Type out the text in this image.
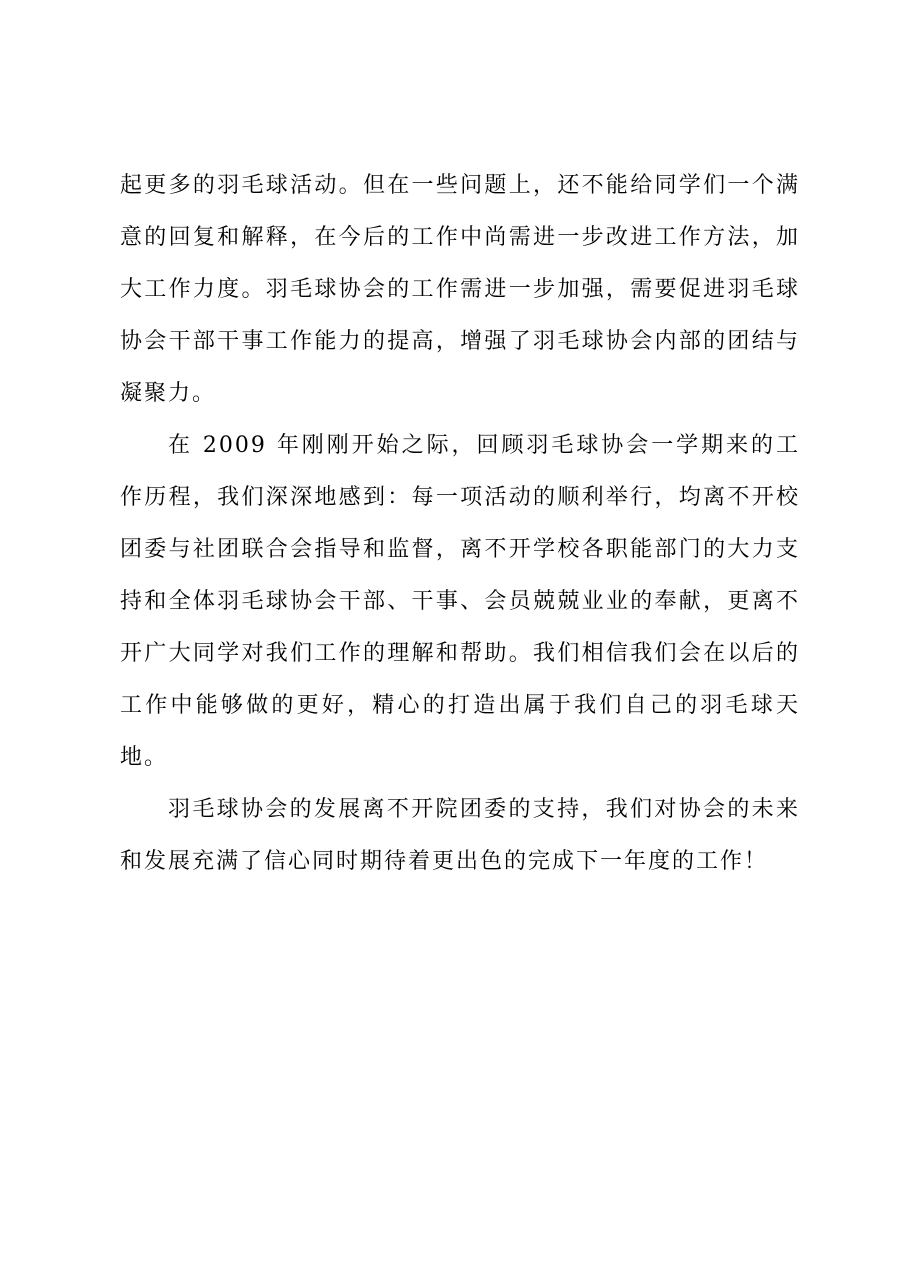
起更多的羽毛球活动。但在一些问题上，还不能给同学们一个满意的回复和解释，在今后的工作中尚需进一步改进工作方法，加大工作力度。羽毛球协会的工作需进一步加强，需要促进羽毛球协会干部干事工作能力的提高，增强了羽毛球协会内部的团结与凝聚力。

在 2009 年刚刚开始之际，回顾羽毛球协会一学期来的工作历程，我们深深地感到：每一项活动的顺利举行，均离不开校团委与社团联合会指导和监督，离不开学校各职能部门的大力支持和全体羽毛球协会干部、干事、会员兢兢业业的奉献，更离不开广大同学对我们工作的理解和帮助。我们相信我们会在以后的工作中能够做的更好，精心的打造出属于我们自己的羽毛球天地。

羽毛球协会的发展离不开院团委的支持，我们对协会的未来和发展充满了信心同时期待着更出色的完成下一年度的工作！
